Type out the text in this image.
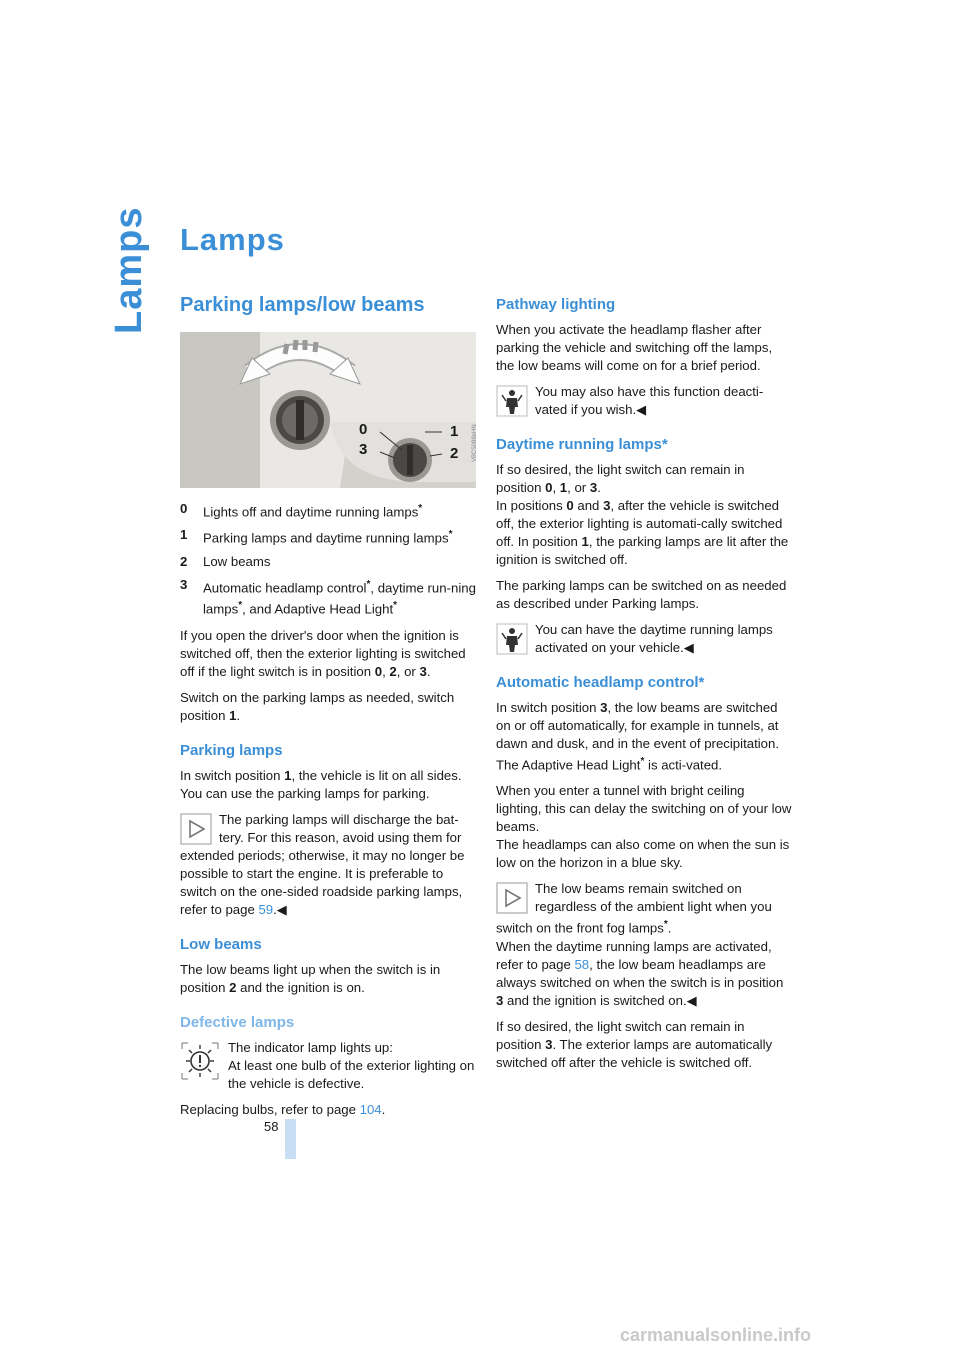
Lamps Lamps
Parking lamps/low beams
0	1
3	2	VBC5088eHN
0 Lights off and daytime running lamps*
1 Parking lamps and daytime running lamps*
2 Low beams
3 Automatic headlamp control*, daytime run-ning lamps*, and Adaptive Head Light*

If you open the driver's door when the ignition is switched off, then the exterior lighting is switched off if the light switch is in position 0, 2, or 3.

Switch on the parking lamps as needed, switch position 1.

Parking lamps

In switch position 1, the vehicle is lit on all sides. You can use the parking lamps for parking.

The parking lamps will discharge the bat-tery. For this reason, avoid using them for extended periods; otherwise, it may no longer be possible to start the engine. It is preferable to switch on the one-sided roadside parking lamps, refer to page 59.◀
Low beams

The low beams light up when the switch is in position 2 and the ignition is on.

Defective lamps
The indicator lamp lights up:
At least one bulb of the exterior lighting on the vehicle is defective.

Replacing bulbs, refer to page 104.

Pathway lighting

When you activate the headlamp flasher after parking the vehicle and switching off the lamps, the low beams will come on for a brief period.

You may also have this function deacti-vated if you wish.◀
Daytime running lamps*

If so desired, the light switch can remain in position 0, 1, or 3.

In positions 0 and 3, after the vehicle is switched off, the exterior lighting is automati-cally switched off. In position 1, the parking lamps are lit after the ignition is switched off.

The parking lamps can be switched on as needed as described under Parking lamps.

You can have the daytime running lamps activated on your vehicle.◀
Automatic headlamp control*

In switch position 3, the low beams are switched on or off automatically, for example in tunnels, at dawn and dusk, and in the event of precipitation. The Adaptive Head Light* is acti-vated.

When you enter a tunnel with bright ceiling lighting, this can delay the switching on of your low beams.

The headlamps can also come on when the sun is low on the horizon in a blue sky.

The low beams remain switched on regardless of the ambient light when you switch on the front fog lamps*.

When the daytime running lamps are activated, refer to page 58, the low beam headlamps are always switched on when the switch is in position 3 and the ignition is switched on.◀

If so desired, the light switch can remain in position 3. The exterior lamps are automatically switched off after the vehicle is switched off.

58
carmanualsonline.info
